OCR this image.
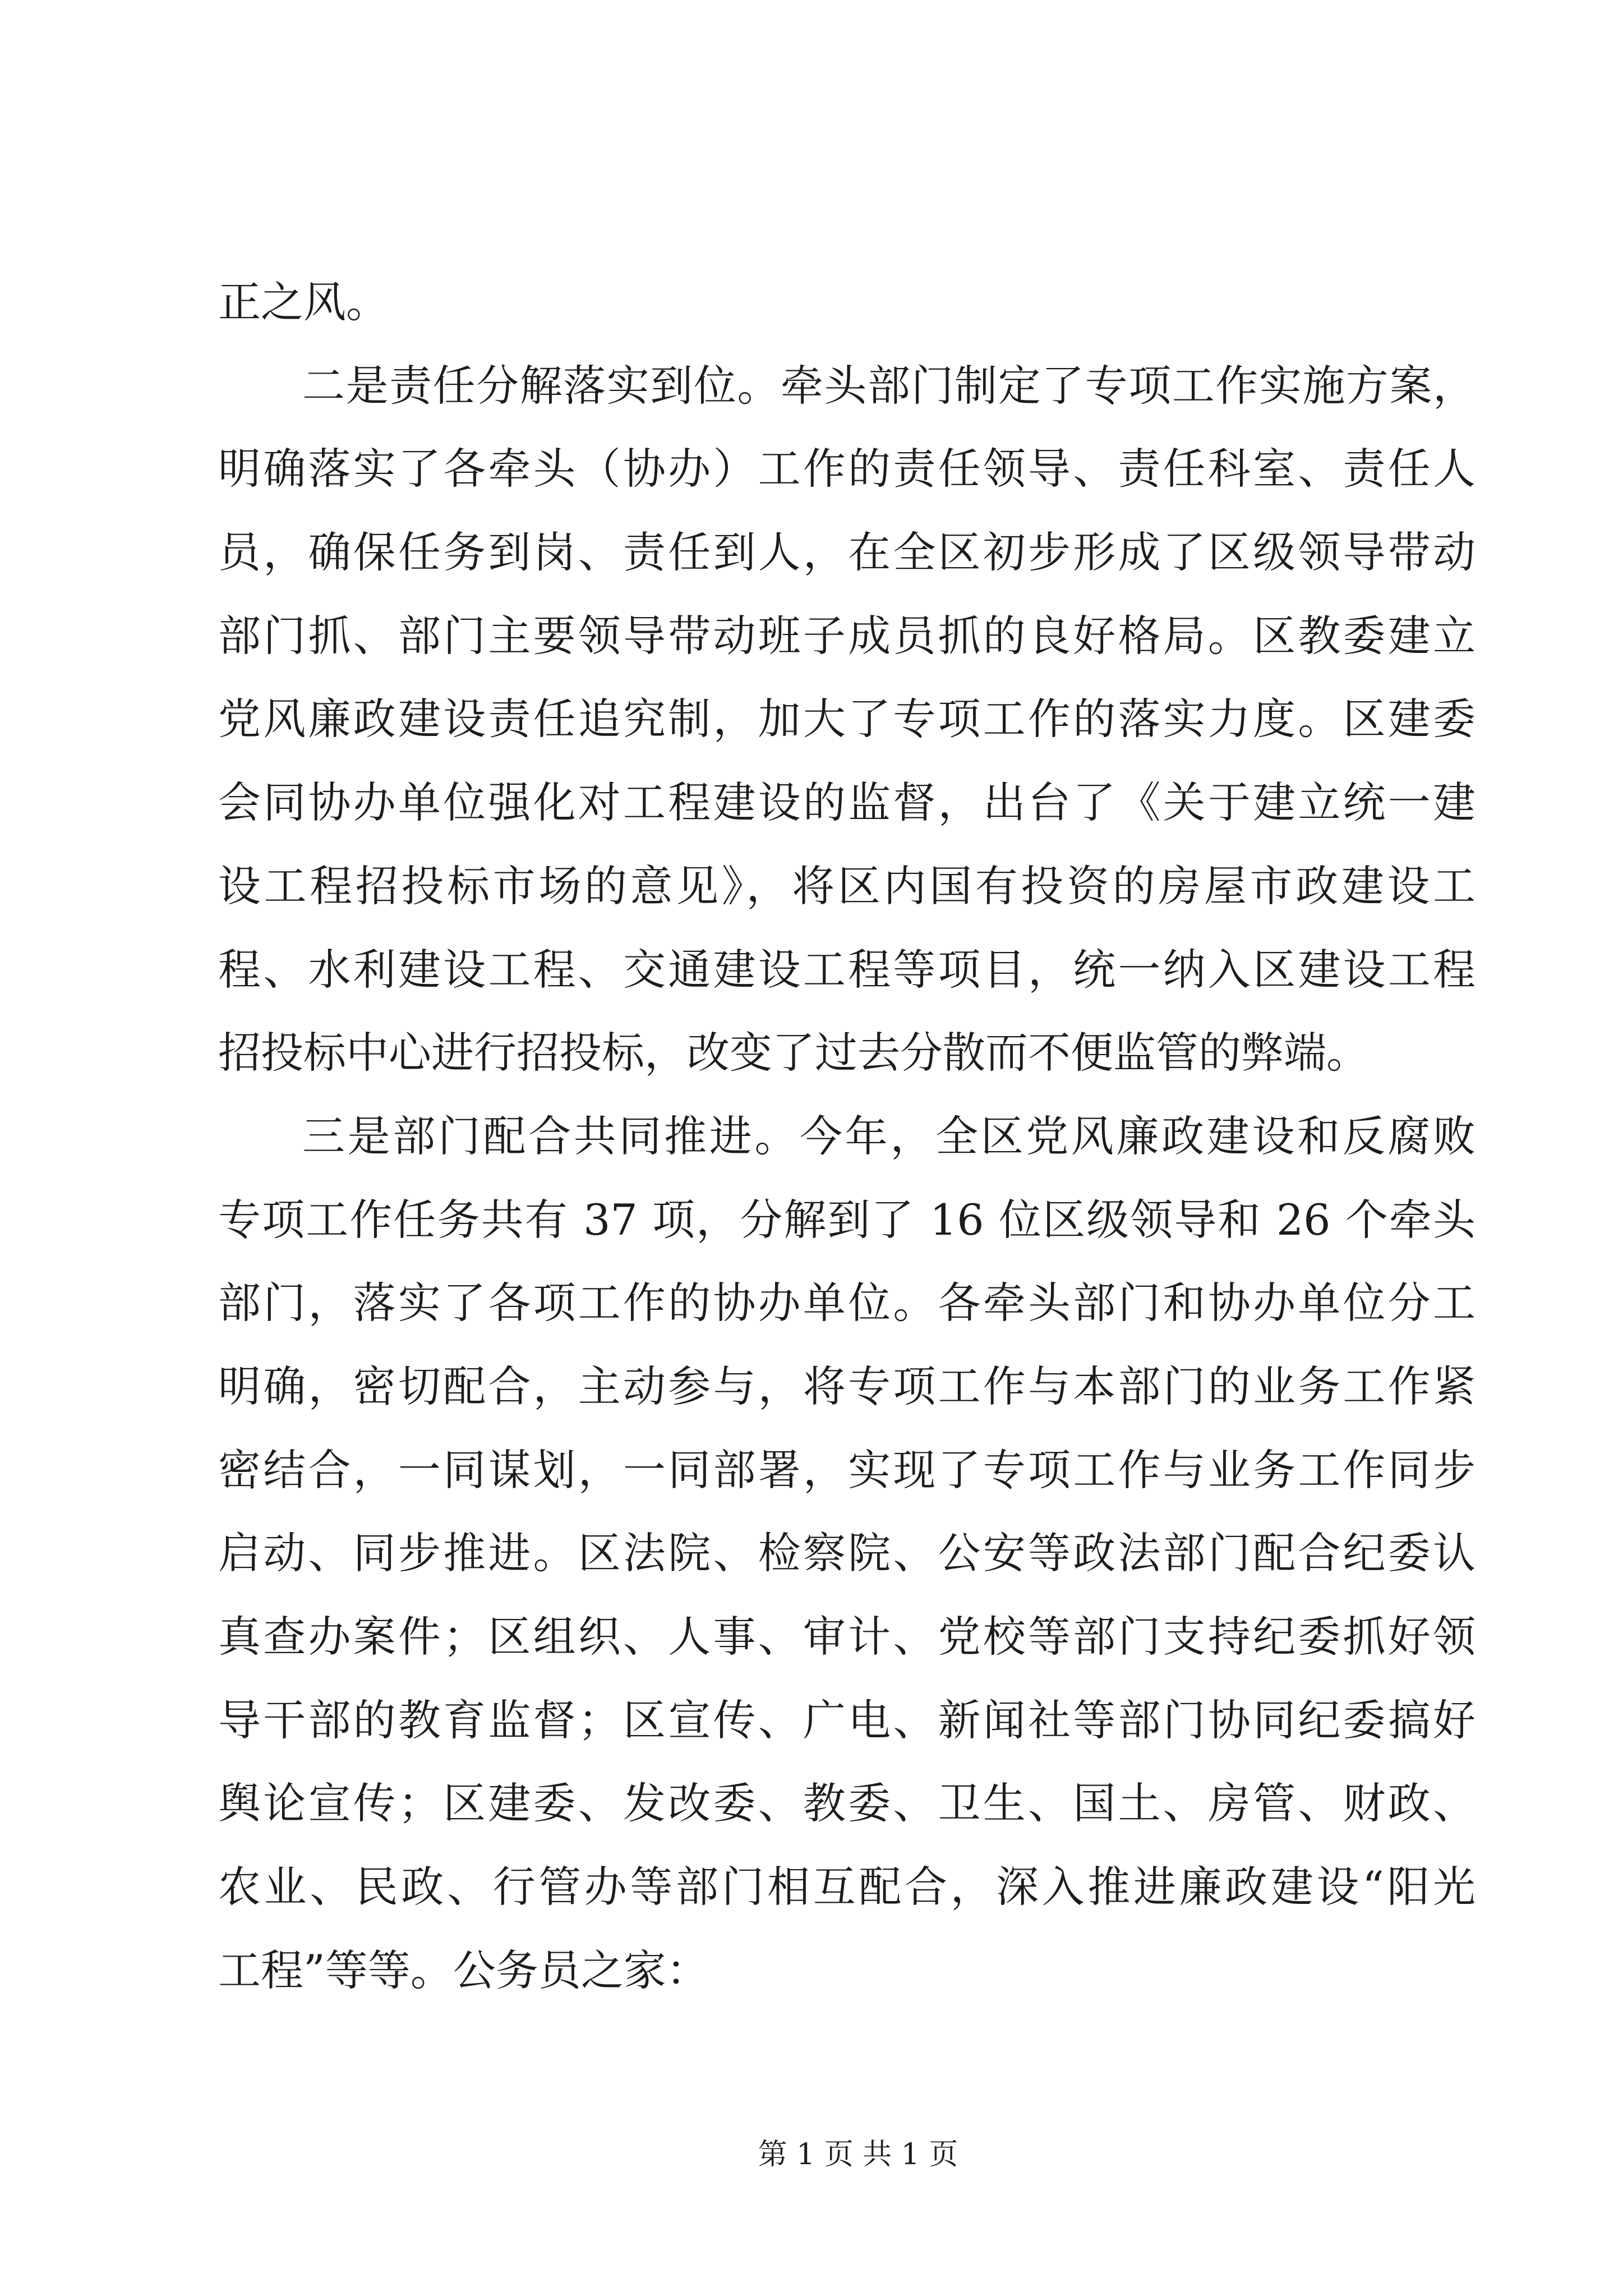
正之风。
二是责任分解落实到位。牵头部门制定了专项工作实施方案，
明确落实了各牵头（协办）工作的责任领导、责任科室、责任人
员，确保任务到岗、责任到人，在全区初步形成了区级领导带动
部门抓、部门主要领导带动班子成员抓的良好格局。区教委建立
党风廉政建设责任追究制，加大了专项工作的落实力度。区建委
会同协办单位强化对工程建设的监督，出台了《关于建立统一建
设工程招投标市场的意见》，将区内国有投资的房屋市政建设工
程、水利建设工程、交通建设工程等项目，统一纳入区建设工程
招投标中心进行招投标，改变了过去分散而不便监管的弊端。
三是部门配合共同推进。今年，全区党风廉政建设和反腐败
专项工作任务共有 37 项，分解到了 16 位区级领导和 26 个牵头
部门，落实了各项工作的协办单位。各牵头部门和协办单位分工
明确，密切配合，主动参与，将专项工作与本部门的业务工作紧
密结合，一同谋划，一同部署，实现了专项工作与业务工作同步
启动、同步推进。区法院、检察院、公安等政法部门配合纪委认
真查办案件；区组织、人事、审计、党校等部门支持纪委抓好领
导干部的教育监督；区宣传、广电、新闻社等部门协同纪委搞好
舆论宣传；区建委、发改委、教委、卫生、国土、房管、财政、
农业、民政、行管办等部门相互配合，深入推进廉政建设“阳光
工程”等等。公务员之家：
第 1 页 共 1 页
